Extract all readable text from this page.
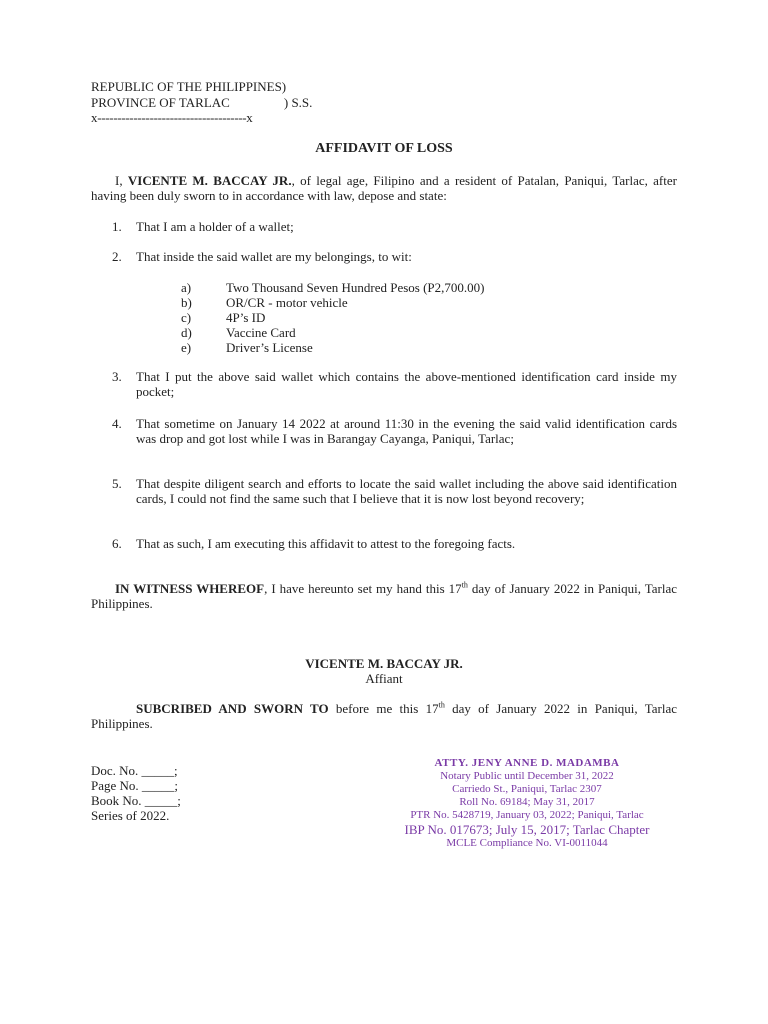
REPUBLIC OF THE PHILIPPINES)
PROVINCE OF TARLAC	) S.S.
x-------------------------------------x
AFFIDAVIT OF LOSS
I, VICENTE M. BACCAY JR., of legal age, Filipino and a resident of Patalan, Paniqui, Tarlac, after having been duly sworn to in accordance with law, depose and state:
1. That I am a holder of a wallet;
2. That inside the said wallet are my belongings, to wit:
a)	Two Thousand Seven Hundred Pesos (P2,700.00)
b)	OR/CR - motor vehicle
c)	4P’s ID
d)	Vaccine Card
e)	Driver’s License
3. That I put the above said wallet which contains the above-mentioned identification card inside my pocket;
4. That sometime on January 14 2022 at around 11:30 in the evening the said valid identification cards was drop and got lost while I was in Barangay Cayanga, Paniqui, Tarlac;
5. That despite diligent search and efforts to locate the said wallet including the above said identification cards, I could not find the same such that I believe that it is now lost beyond recovery;
6. That as such, I am executing this affidavit to attest to the foregoing facts.
IN WITNESS WHEREOF, I have hereunto set my hand this 17th day of January 2022 in Paniqui, Tarlac Philippines.
VICENTE M. BACCAY JR.
Affiant
SUBCRIBED AND SWORN TO before me this 17th day of January 2022 in Paniqui, Tarlac Philippines.
Doc. No. _____;
Page No. _____;
Book No. _____;
Series of 2022.
ATTY. JENY ANNE D. MADAMBA
Notary Public until December 31, 2022
Carriedo St., Paniqui, Tarlac 2307
Roll No. 69184; May 31, 2017
PTR No. 5428719, January 03, 2022; Paniqui, Tarlac
IBP No. 017673; July 15, 2017; Tarlac Chapter
MCLE Compliance No. VI-0011044
